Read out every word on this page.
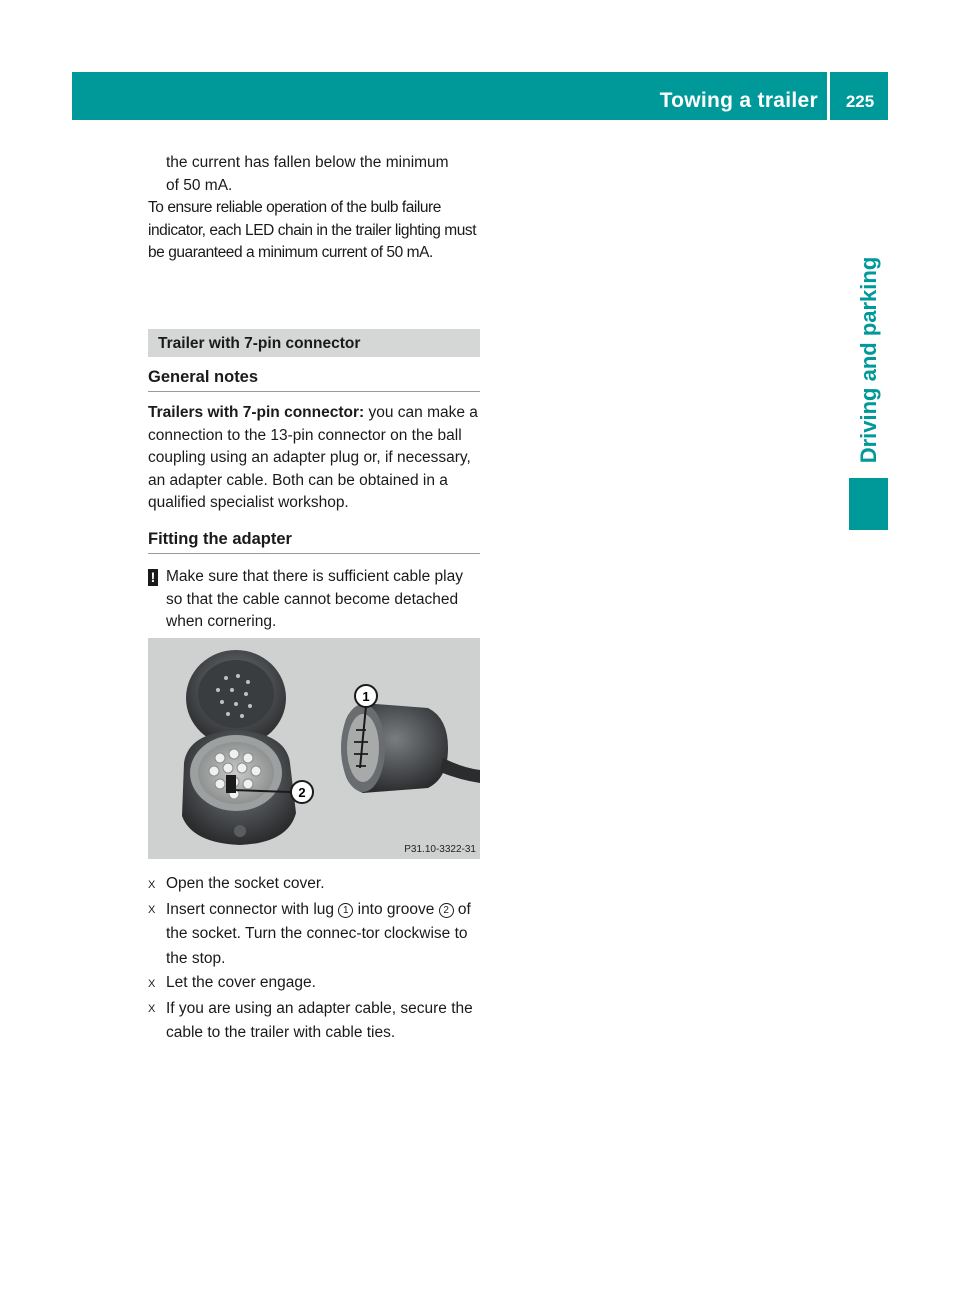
Towing a trailer	225
Driving and parking

the current has fallen below the minimum

of 50 mA.

To ensure reliable operation of the bulb failure indicator, each LED chain in the trailer lighting must be guaranteed a minimum current of 50 mA.

Trailer with 7-pin connector
General notes

Trailers with 7-pin connector: you can make a connection to the 13-pin connector on the ball coupling using an adapter plug or, if necessary, an adapter cable. Both can be obtained in a qualified specialist workshop.

Fitting the adapter

! Make sure that there is sufficient cable play so that the cable cannot become detached when cornering.

1
2
P31.10-3322-31

X Open the socket cover.

X Insert connector with lug 1 into groove 2 of the socket. Turn the connec-tor clockwise to the stop.

X Let the cover engage.

X If you are using an adapter cable, secure the cable to the trailer with cable ties.
